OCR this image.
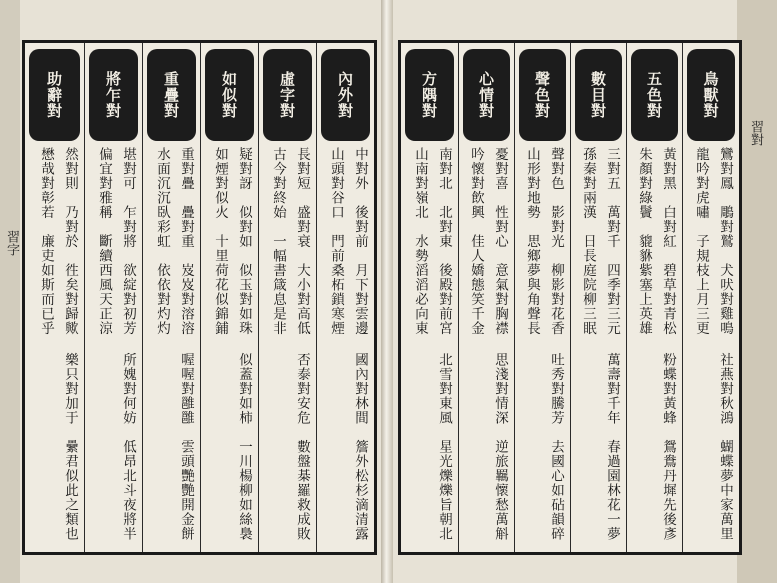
習字
習對
助辭對
然對則　乃對於　徃矣對歸歟 樂只對加于　纍君似此之類也 懋哉對彰若　廉吏如斯而已乎
將乍對
堪對可　乍對將　欲綻對初芳 所媿對何妨　低昂北斗夜將半 偏宜對雅稱　斷續西風天正涼
重疊對
重對疊　疊對重　岌岌對溶溶 喔喔對雝雝　雲頭艷艷開金餅 水面沉沉臥彩虹　依依對灼灼
如似對
疑對訝　似對如　似玉對如珠 似蓋對如柿　一川楊柳如絲裊 如煙對似火　十里荷花似錦鋪
虛字對
長對短　盛對衰　大小對高低 否泰對安危　數盤棊羅救成敗 古今對終始　一幅書箴息是非
內外對
中對外　後對前　月下對雲邊 國內對林間　簷外松杉滴清露 山頭對谷口　門前桑柘鎖寒煙
方隅對
南對北　北對東　後殿對前宮 北雪對東風　星光爍爍旨朝北 山南對嶺北　水勢滔滔必向東
心情對
憂對喜　性對心　意氣對胸襟 思淺對情深　逆旅羈懷愁萬斛 吟懷對飲興　佳人嬌態笑千金
聲色對
聲對色　影對光　柳影對花香 吐秀對騰芳　去國心如砧韻碎 山形對地勢　思鄉夢與角聲長
數目對
三對五　萬對千　四季對三元 萬壽對千年　春過園林花一夢 孫秦對兩漢　日長庭院柳三眠
五色對
黃對黑　白對紅　碧草對青松 粉蝶對黃蜂　鴛鴦丹墀先後彥 朱顏對綠鬢　貔貅紫塞上英雄
鳥獸對
鸞對鳳　鵰對鷲　犬吠對雞鳴 社燕對秋鴻　蝴蝶夢中家萬里 龍吟對虎嘯　子規枝上月三更
